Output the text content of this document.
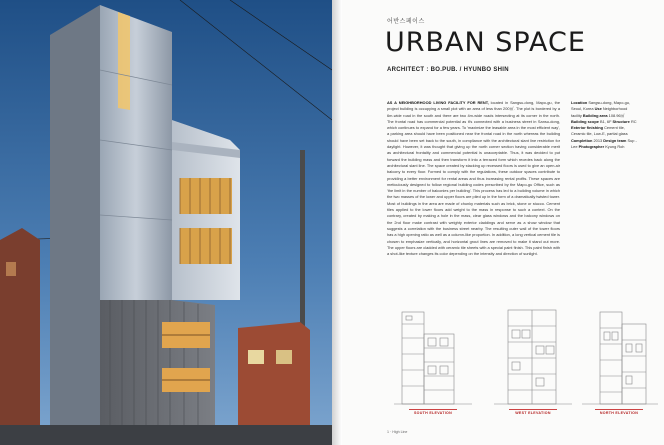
어반스페이스
URBAN SPACE
ARCHITECT : BO.PUB. / HYUNBO SHIN
AS A NEIGHBORHOOD LIVING FACILITY FOR RENT, located in Sangsu-dong, Mapo-gu, the project building is occupying a small plot with an area of less than 200㎡. The plot is bordered by a 6m-wide road in the south and there are two 4m-wide roads intersecting at its corner in the north. The frontal road has commercial potential as it's connected with a business street in Sansu-dong, which continues to expand for a few years. To 'maximize the leasable area in the most efficient way', a parking area should have been positioned near the frontal road in the north whereas the building should have been set back to the south, in compliance with the architectural slant line restriction for daylight. However, it was thought that giving up the north corner section having considerable merit as architectural frontality and commercial potential is unacceptable. Thus, it was decided to put forward the building mass and then transform it into a terraced form which recedes back along the architectural slant line. The space created by stacking up recessed floors is used to give an open-air balcony to every floor. Formed to comply with the regulations, these outdoor spaces contribute to providing a better environment for rental areas and thus increasing rental profits. These spaces are meticulously designed to follow regional building codes prescribed by the Mapo-gu Office, such as 'the limit in the number of balconies per building'. This process has led to a building volume in which the two masses of the lower and upper floors are piled up in the form of a dramatically twisted tower. Most of buildings in the area are made of chunky materials such as brick, stone or stucco. Cement tiles applied to the lower floors add weight to the mass in response to such a context. On the contrary, created by making a hole in the mass, clear glass windows and the balcony windows on the 2nd floor make contrast with weighty exterior claddings and serve as a show window that suggests a correlation with the business street nearby. The resulting outer wall of the tower floors has a high opening ratio as well as a column-like proportion. In addition, a long vertical cement tile is chosen to emphasize vertically, and horizontal grout lines are removed to make it stand out more. The upper floors are cladded with ceramic tile sheets with a special paint finish. This paint finish with a shot-like texture changes its color depending on the intensity and direction of sunlight.
Location Sangsu-dong, Mapo-gu, Seoul, Korea Use Neighborhood facility Building area 108.96㎡ Building scope B1, 6F Structure RC Exterior finishing Cement tile, Ceramic tile, Low-E, partial glass Completion 2013 Design team Sup - Lee Photographer Kyung Roh
SOUTH ELEVATION	WEST ELEVATION	NORTH ELEVATION
1 · High Line
